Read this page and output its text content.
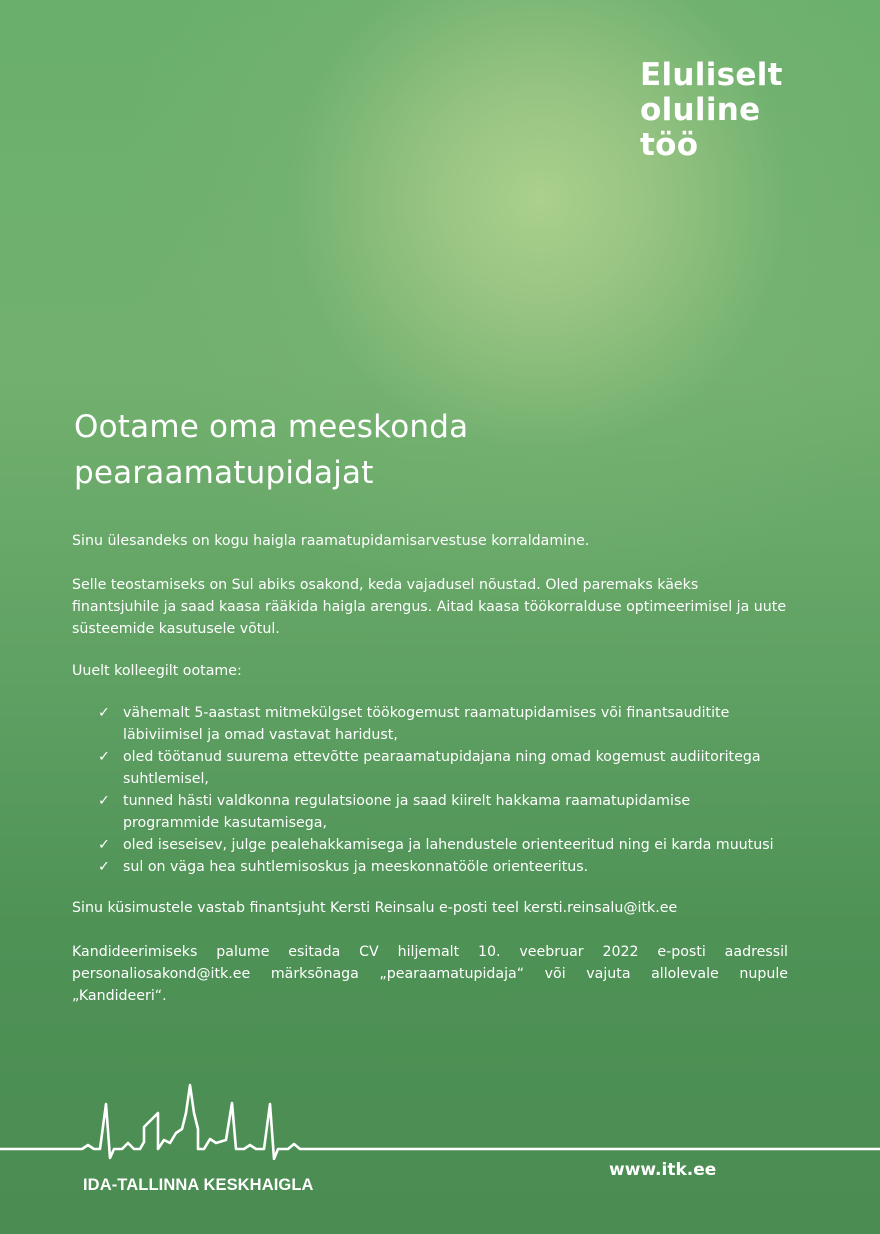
Eluliselt
oluline
töö
Ootame oma meeskonda
pearaamatupidajat

Sinu ülesandeks on kogu haigla raamatupidamisarvestuse korraldamine.

Selle teostamiseks on Sul abiks osakond, keda vajadusel nõustad. Oled paremaks käeks finantsjuhile ja saad kaasa rääkida haigla arengus. Aitad kaasa töökorralduse optimeerimisel ja uute süsteemide kasutusele võtul.

Uuelt kolleegilt ootame:

✓ vähemalt 5-aastast mitmekülgset töökogemust raamatupidamises või finantsauditite läbiviimisel ja omad vastavat haridust,
✓ oled töötanud suurema ettevõtte pearaamatupidajana ning omad kogemust audiitoritega suhtlemisel,
✓ tunned hästi valdkonna regulatsioone ja saad kiirelt hakkama raamatupidamise programmide kasutamisega,
✓ oled iseseisev, julge pealehakkamisega ja lahendustele orienteeritud ning ei karda muutusi
✓ sul on väga hea suhtlemisoskus ja meeskonnatööle orienteeritus.

Sinu küsimustele vastab finantsjuht Kersti Reinsalu e-posti teel kersti.reinsalu@itk.ee

Kandideerimiseks palume esitada CV hiljemalt 10. veebruar 2022 e-posti aadressil personaliosakond@itk.ee märksõnaga „pearaamatupidaja“ või vajuta allolevale nupule „Kandideeri“.

IDA-TALLINNA KESKHAIGLA
www.itk.ee
